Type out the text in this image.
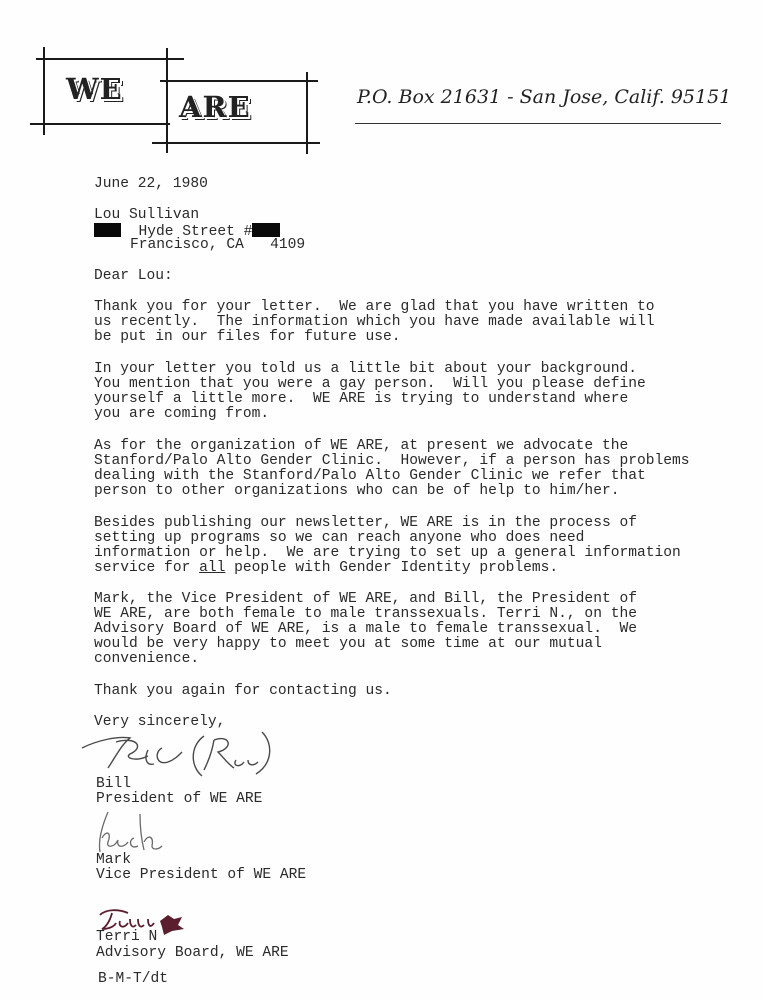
WE
ARE	P.O. Box 21631 - San Jose, Calif. 95151
June 22, 1980
Lou Sullivan
Hyde Street #
Francisco, CA   4109
Dear Lou:
Thank you for your letter.  We are glad that you have written to
us recently.  The information which you have made available will
be put in our files for future use.
In your letter you told us a little bit about your background.
You mention that you were a gay person.  Will you please define
yourself a little more.  WE ARE is trying to understand where
you are coming from.
As for the organization of WE ARE, at present we advocate the
Stanford/Palo Alto Gender Clinic.  However, if a person has problems
dealing with the Stanford/Palo Alto Gender Clinic we refer that
person to other organizations who can be of help to him/her.
Besides publishing our newsletter, WE ARE is in the process of
setting up programs so we can reach anyone who does need
information or help.  We are trying to set up a general information
service for all people with Gender Identity problems.
Mark, the Vice President of WE ARE, and Bill, the President of
WE ARE, are both female to male transsexuals. Terri N., on the
Advisory Board of WE ARE, is a male to female transsexual.  We
would be very happy to meet you at some time at our mutual
convenience.
Thank you again for contacting us.
Very sincerely,
Bill
President of WE ARE
Mark
Vice President of WE ARE
Terri N
Advisory Board, WE ARE
B-M-T/dt
